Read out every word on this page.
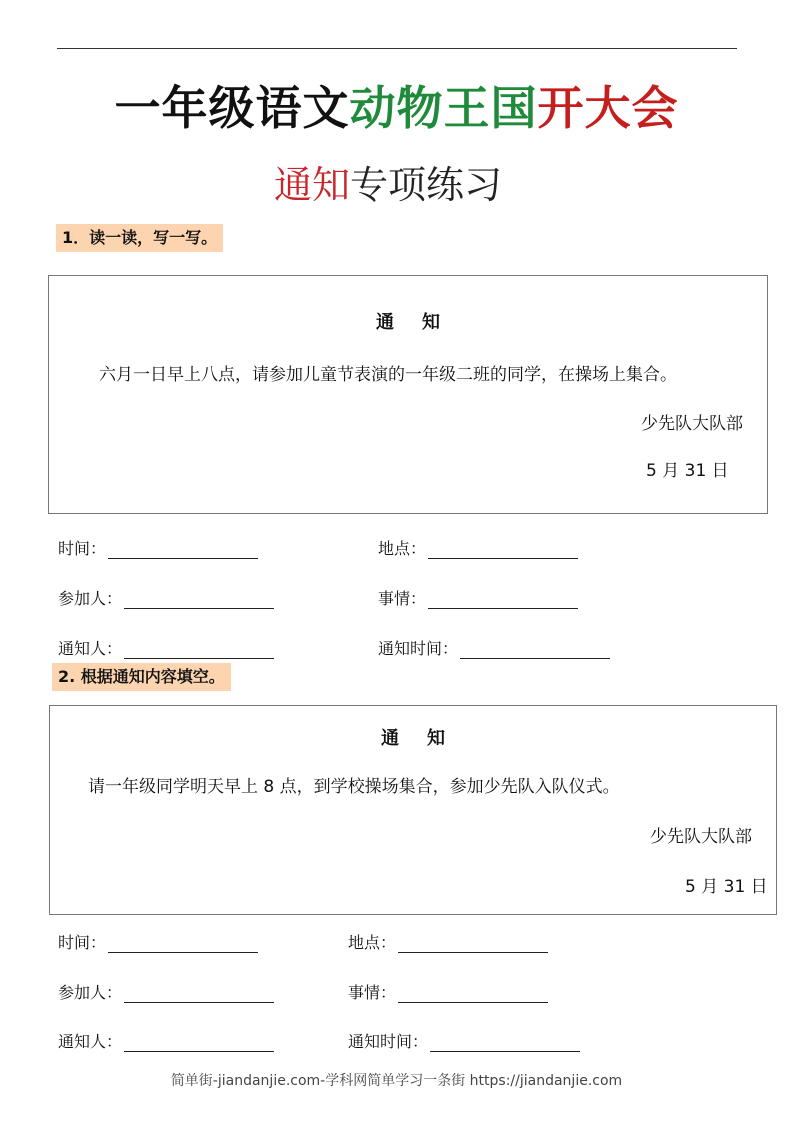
一年级语文动物王国开大会
通知专项练习
1．读一读，写一写。
通知
六月一日早上八点，请参加儿童节表演的一年级二班的同学，在操场上集合。
少先队大队部
5 月 31 日
时间：	地点：
参加人：	事情：
通知人：	通知时间：
2. 根据通知内容填空。
通知
请一年级同学明天早上 8 点，到学校操场集合，参加少先队入队仪式。
少先队大队部
5 月 31 日
时间：	地点：
参加人：	事情：
通知人：	通知时间：
简单街-jiandanjie.com-学科网简单学习一条街 https://jiandanjie.com
